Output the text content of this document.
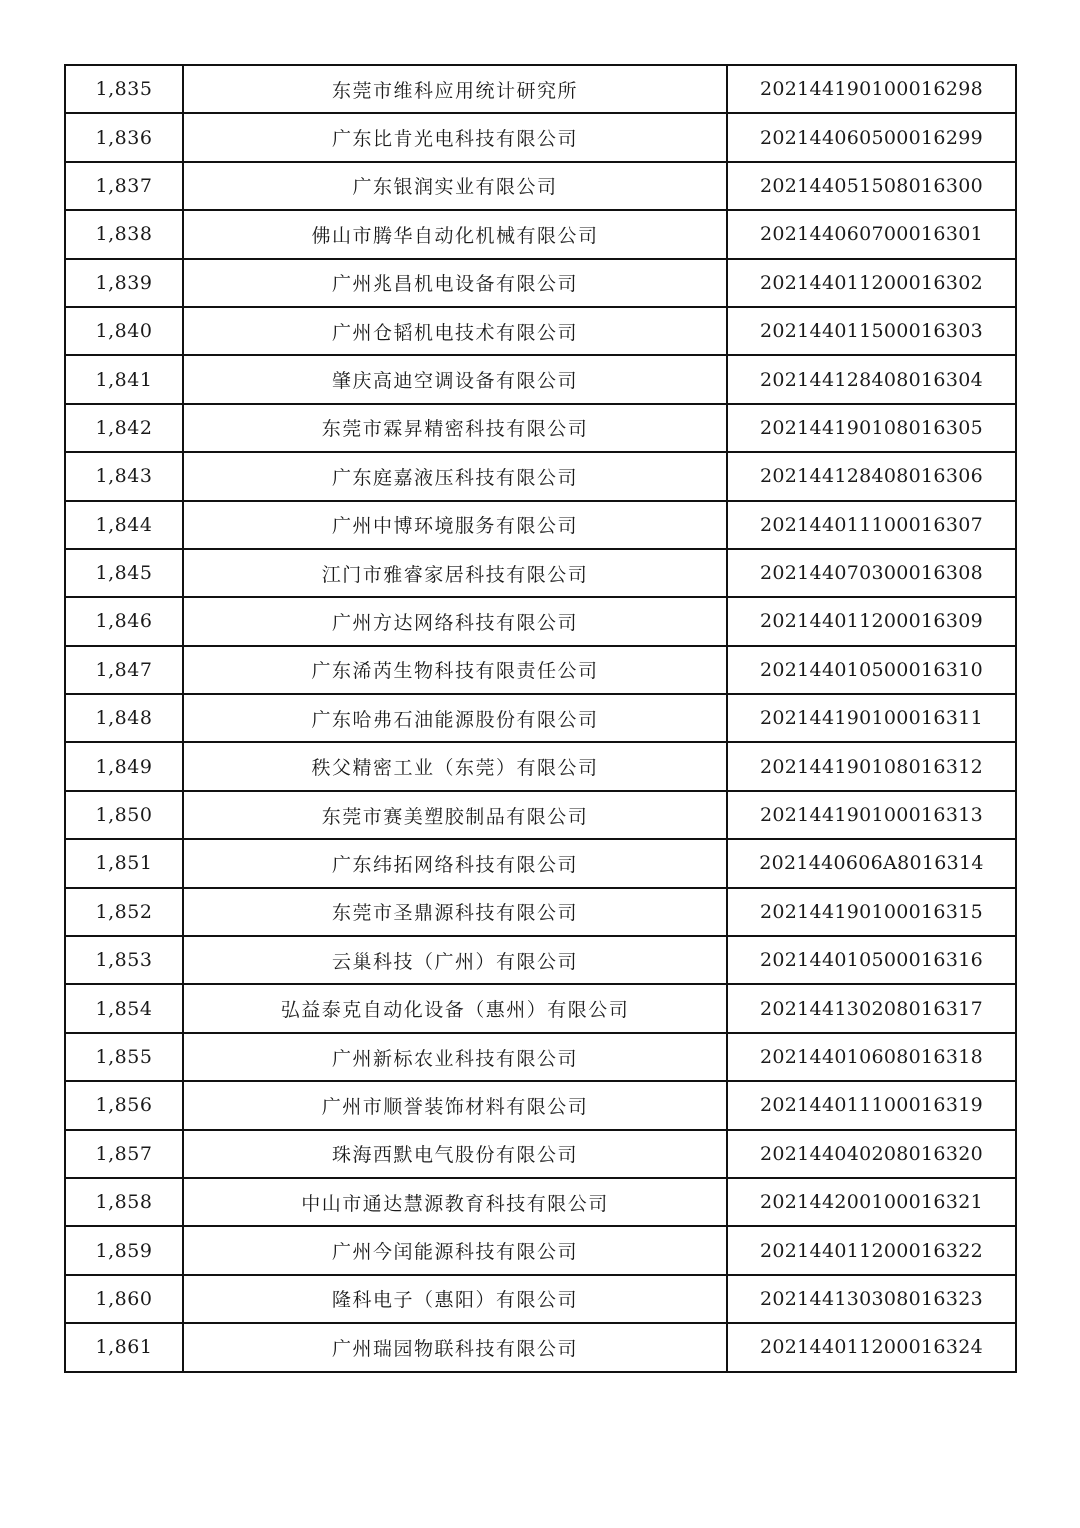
1,835	东莞市维科应用统计研究所	202144190100016298
1,836	广东比肯光电科技有限公司	202144060500016299
1,837	广东银润实业有限公司	202144051508016300
1,838	佛山市腾华自动化机械有限公司	202144060700016301
1,839	广州兆昌机电设备有限公司	202144011200016302
1,840	广州仓韬机电技术有限公司	202144011500016303
1,841	肇庆高迪空调设备有限公司	202144128408016304
1,842	东莞市霖昇精密科技有限公司	202144190108016305
1,843	广东庭嘉液压科技有限公司	202144128408016306
1,844	广州中博环境服务有限公司	202144011100016307
1,845	江门市雅睿家居科技有限公司	202144070300016308
1,846	广州方达网络科技有限公司	202144011200016309
1,847	广东浠芮生物科技有限责任公司	202144010500016310
1,848	广东哈弗石油能源股份有限公司	202144190100016311
1,849	秩父精密工业（东莞）有限公司	202144190108016312
1,850	东莞市赛美塑胶制品有限公司	202144190100016313
1,851	广东纬拓网络科技有限公司	2021440606A8016314
1,852	东莞市圣鼎源科技有限公司	202144190100016315
1,853	云巢科技（广州）有限公司	202144010500016316
1,854	弘益泰克自动化设备（惠州）有限公司	202144130208016317
1,855	广州新标农业科技有限公司	202144010608016318
1,856	广州市顺誉装饰材料有限公司	202144011100016319
1,857	珠海西默电气股份有限公司	202144040208016320
1,858	中山市通达慧源教育科技有限公司	202144200100016321
1,859	广州今闰能源科技有限公司	202144011200016322
1,860	隆科电子（惠阳）有限公司	202144130308016323
1,861	广州瑞园物联科技有限公司	202144011200016324
